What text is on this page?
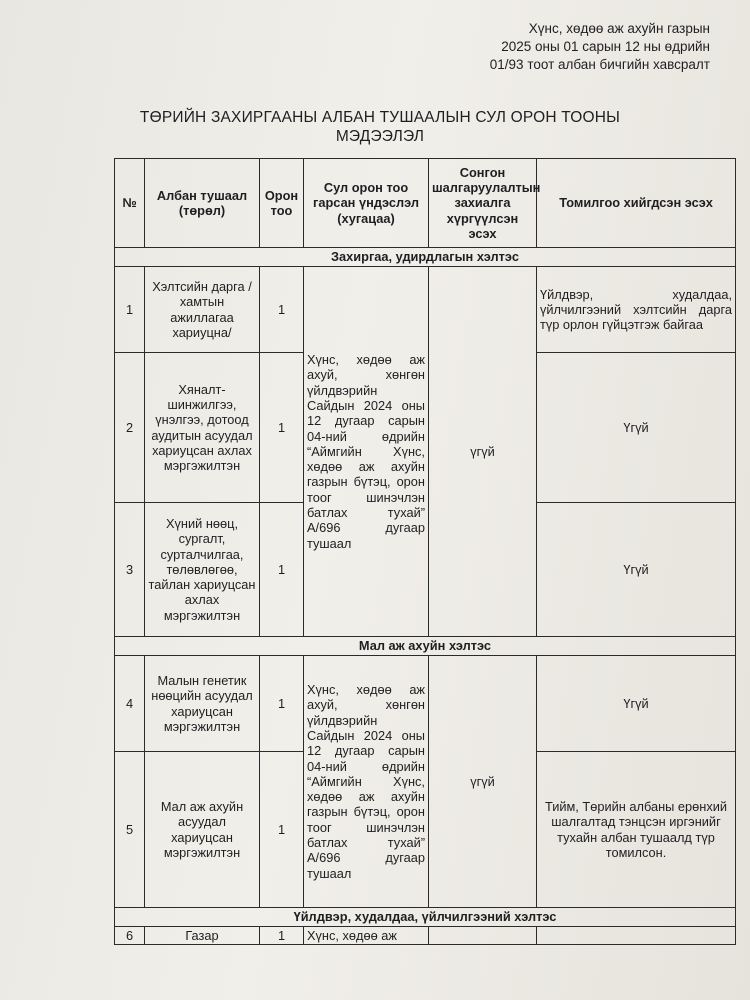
Хүнс, хөдөө аж ахуйн газрын
2025 оны 01 сарын 12 ны өдрийн
01/93 тоот албан бичгийн хавсралт
ТӨРИЙН ЗАХИРГААНЫ АЛБАН ТУШААЛЫН СУЛ ОРОН ТООНЫ
МЭДЭЭЛЭЛ
№	Албан тушаал (төрөл)	Орон тоо	Сул орон тоо гарсан үндэслэл (хугацаа)	Сонгон шалгаруулалтын захиалга хүргүүлсэн эсэх	Томилгоо хийгдсэн эсэх
Захиргаа, удирдлагын хэлтэс					
1	Хэлтсийн дарга /хамтын ажиллагаа хариуцна/	1	Хүнс, хөдөө аж ахуй, хөнгөн үйлдвэрийн Сайдын 2024 оны 12 дугаар сарын 04-ний өдрийн “Аймгийн Хүнс, хөдөө аж ахуйн газрын бүтэц, орон тоог шинэчлэн батлах тухай” А/696 дугаар тушаал	үгүй	Үйлдвэр, худалдаа, үйлчилгээний хэлтсийн дарга түр орлон гүйцэтгэж байгаа
2	Хяналт-шинжилгээ, үнэлгээ, дотоод аудитын асуудал хариуцсан ахлах мэргэжилтэн	1			Үгүй
3	Хүний нөөц, сургалт, сурталчилгаа, төлөвлөгөө, тайлан хариуцсан ахлах мэргэжилтэн	1			Үгүй
Мал аж ахуйн хэлтэс					
4	Малын генетик нөөцийн асуудал хариуцсан мэргэжилтэн	1	Хүнс, хөдөө аж ахуй, хөнгөн үйлдвэрийн Сайдын 2024 оны 12 дугаар сарын 04-ний өдрийн “Аймгийн Хүнс, хөдөө аж ахуйн газрын бүтэц, орон тоог шинэчлэн батлах тухай” А/696 дугаар тушаал	үгүй	Үгүй
5	Мал аж ахуйн асуудал хариуцсан мэргэжилтэн	1			Тийм, Төрийн албаны ерөнхий шалгалтад тэнцсэн иргэнийг тухайн албан тушаалд түр томилсон.
Үйлдвэр, худалдаа, үйлчилгээний хэлтэс					
6	Газар	1	Хүнс, хөдөө аж		
